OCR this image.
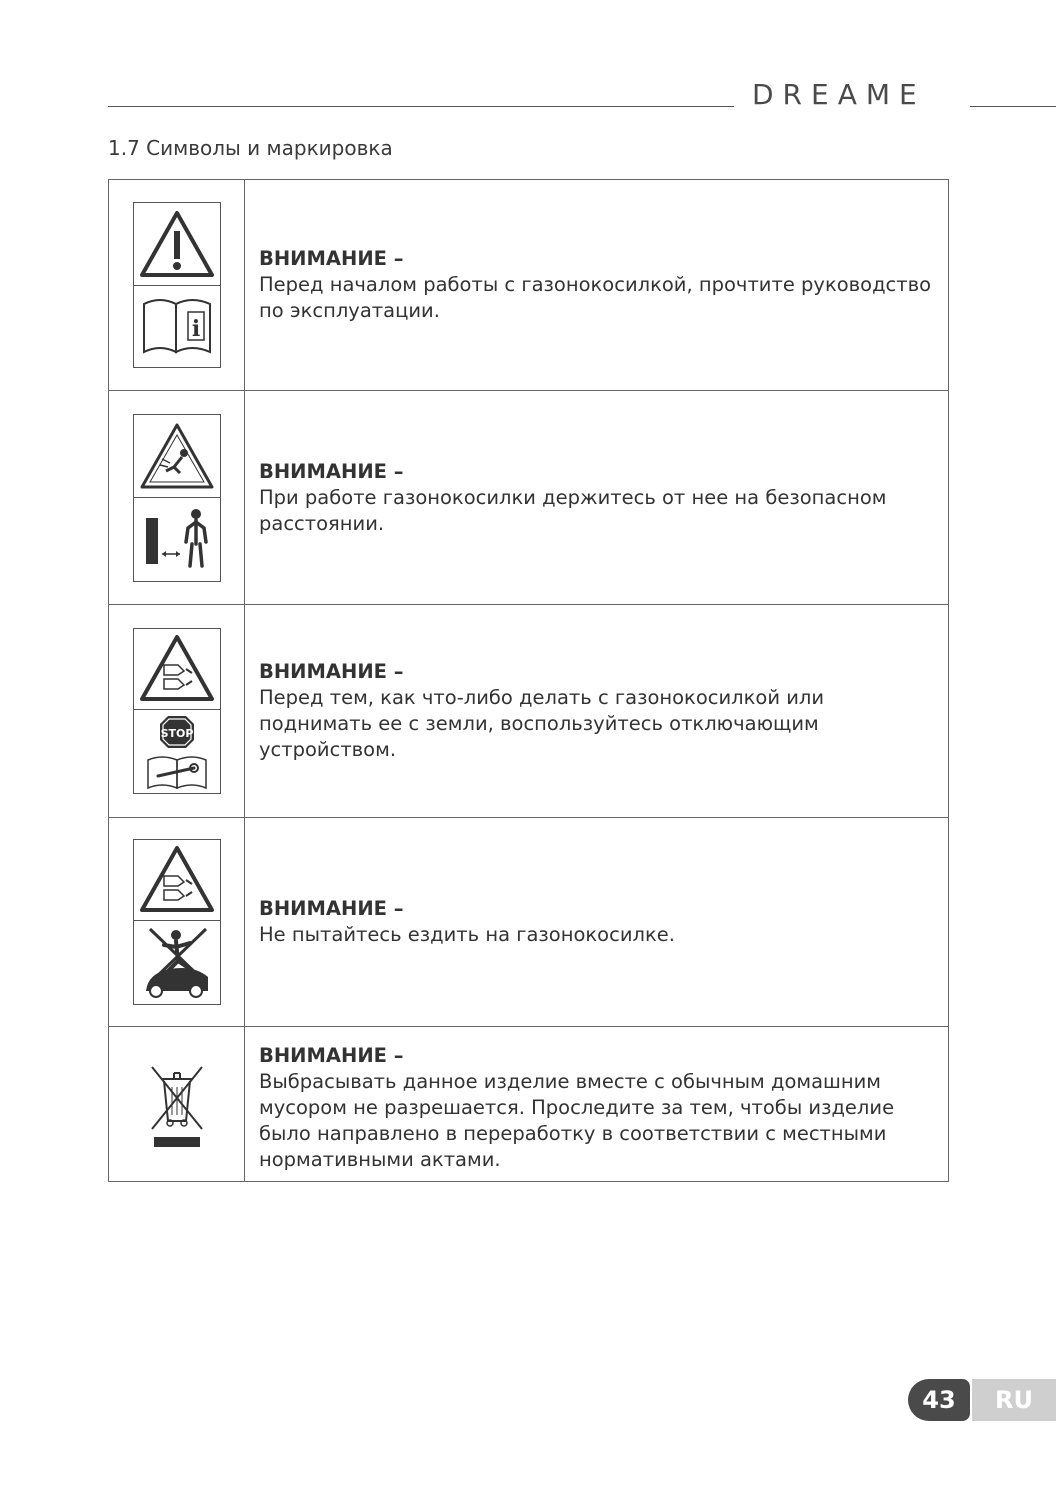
DREAME
1.7 Символы и маркировка
i	ВНИМАНИЕ –
Перед началом работы с газонокосилкой, прочтите руководство по эксплуатации.

ВНИМАНИЕ –
При работе газонокосилки держитесь от нее на безопасном расстоянии.

STOP	ВНИМАНИЕ –
Перед тем, как что-либо делать с газонокосилкой или поднимать ее с земли, воспользуйтесь отключающим устройством.

ВНИМАНИЕ –
Не пытайтесь ездить на газонокосилке.

ВНИМАНИЕ –
Выбрасывать данное изделие вместе с обычным домашним мусором не разрешается. Проследите за тем, чтобы изделие было направлено в переработку в соответствии с местными нормативными актами.
RU
43
